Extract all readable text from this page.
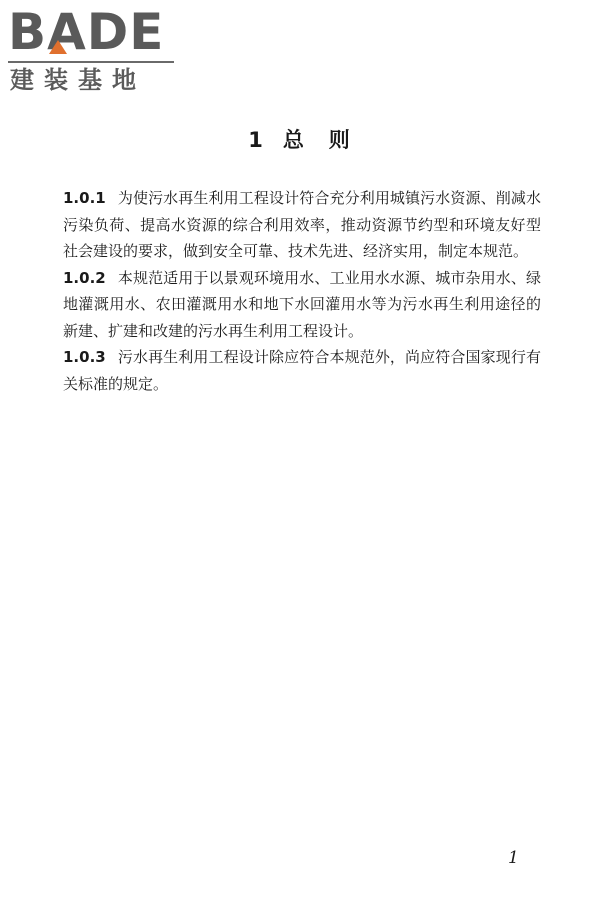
BADE
建装基地
1 总　则

1.0.1 为使污水再生利用工程设计符合充分利用城镇污水资源、削减水污染负荷、提高水资源的综合利用效率，推动资源节约型和环境友好型社会建设的要求，做到安全可靠、技术先进、经济实用，制定本规范。

1.0.2 本规范适用于以景观环境用水、工业用水水源、城市杂用水、绿地灌溉用水、农田灌溉用水和地下水回灌用水等为污水再生利用途径的新建、扩建和改建的污水再生利用工程设计。

1.0.3 污水再生利用工程设计除应符合本规范外，尚应符合国家现行有关标准的规定。

1
